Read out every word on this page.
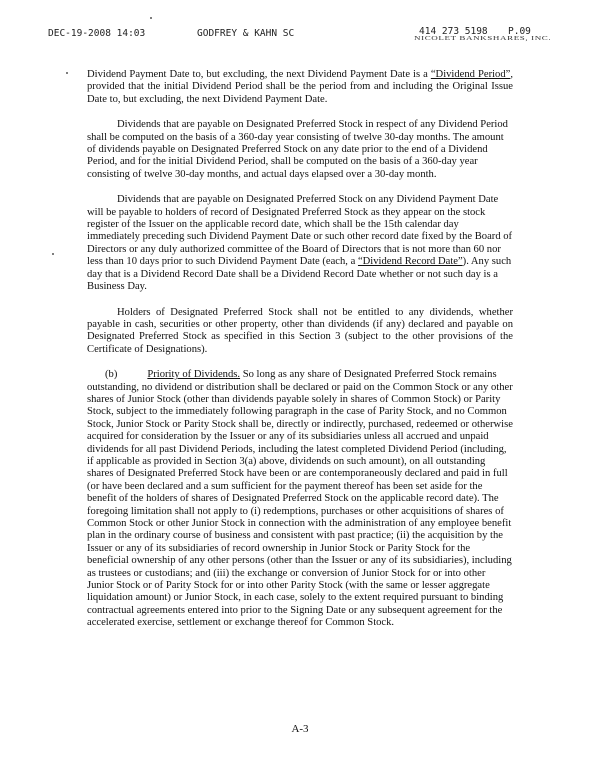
DEC-19-2008 14:03	GODFREY & KAHN SC	414 273 5198 P.09
NICOLET BANKSHARES, INC.

Dividend Payment Date to, but excluding, the next Dividend Payment Date is a “Dividend Period”, provided that the initial Dividend Period shall be the period from and including the Original Issue Date to, but excluding, the next Dividend Payment Date.

Dividends that are payable on Designated Preferred Stock in respect of any Dividend Period shall be computed on the basis of a 360-day year consisting of twelve 30-day months. The amount of dividends payable on Designated Preferred Stock on any date prior to the end of a Dividend Period, and for the initial Dividend Period, shall be computed on the basis of a 360-day year consisting of twelve 30-day months, and actual days elapsed over a 30-day month.

Dividends that are payable on Designated Preferred Stock on any Dividend Payment Date will be payable to holders of record of Designated Preferred Stock as they appear on the stock register of the Issuer on the applicable record date, which shall be the 15th calendar day immediately preceding such Dividend Payment Date or such other record date fixed by the Board of Directors or any duly authorized committee of the Board of Directors that is not more than 60 nor less than 10 days prior to such Dividend Payment Date (each, a “Dividend Record Date”). Any such day that is a Dividend Record Date shall be a Dividend Record Date whether or not such day is a Business Day.

Holders of Designated Preferred Stock shall not be entitled to any dividends, whether payable in cash, securities or other property, other than dividends (if any) declared and payable on Designated Preferred Stock as specified in this Section 3 (subject to the other provisions of the Certificate of Designations).

(b)	Priority of Dividends. So long as any share of Designated Preferred Stock remains outstanding, no dividend or distribution shall be declared or paid on the Common Stock or any other shares of Junior Stock (other than dividends payable solely in shares of Common Stock) or Parity Stock, subject to the immediately following paragraph in the case of Parity Stock, and no Common Stock, Junior Stock or Parity Stock shall be, directly or indirectly, purchased, redeemed or otherwise acquired for consideration by the Issuer or any of its subsidiaries unless all accrued and unpaid dividends for all past Dividend Periods, including the latest completed Dividend Period (including, if applicable as provided in Section 3(a) above, dividends on such amount), on all outstanding shares of Designated Preferred Stock have been or are contemporaneously declared and paid in full (or have been declared and a sum sufficient for the payment thereof has been set aside for the benefit of the holders of shares of Designated Preferred Stock on the applicable record date). The foregoing limitation shall not apply to (i) redemptions, purchases or other acquisitions of shares of Common Stock or other Junior Stock in connection with the administration of any employee benefit plan in the ordinary course of business and consistent with past practice; (ii) the acquisition by the Issuer or any of its subsidiaries of record ownership in Junior Stock or Parity Stock for the beneficial ownership of any other persons (other than the Issuer or any of its subsidiaries), including as trustees or custodians; and (iii) the exchange or conversion of Junior Stock for or into other Junior Stock or of Parity Stock for or into other Parity Stock (with the same or lesser aggregate liquidation amount) or Junior Stock, in each case, solely to the extent required pursuant to binding contractual agreements entered into prior to the Signing Date or any subsequent agreement for the accelerated exercise, settlement or exchange thereof for Common Stock.

A-3
